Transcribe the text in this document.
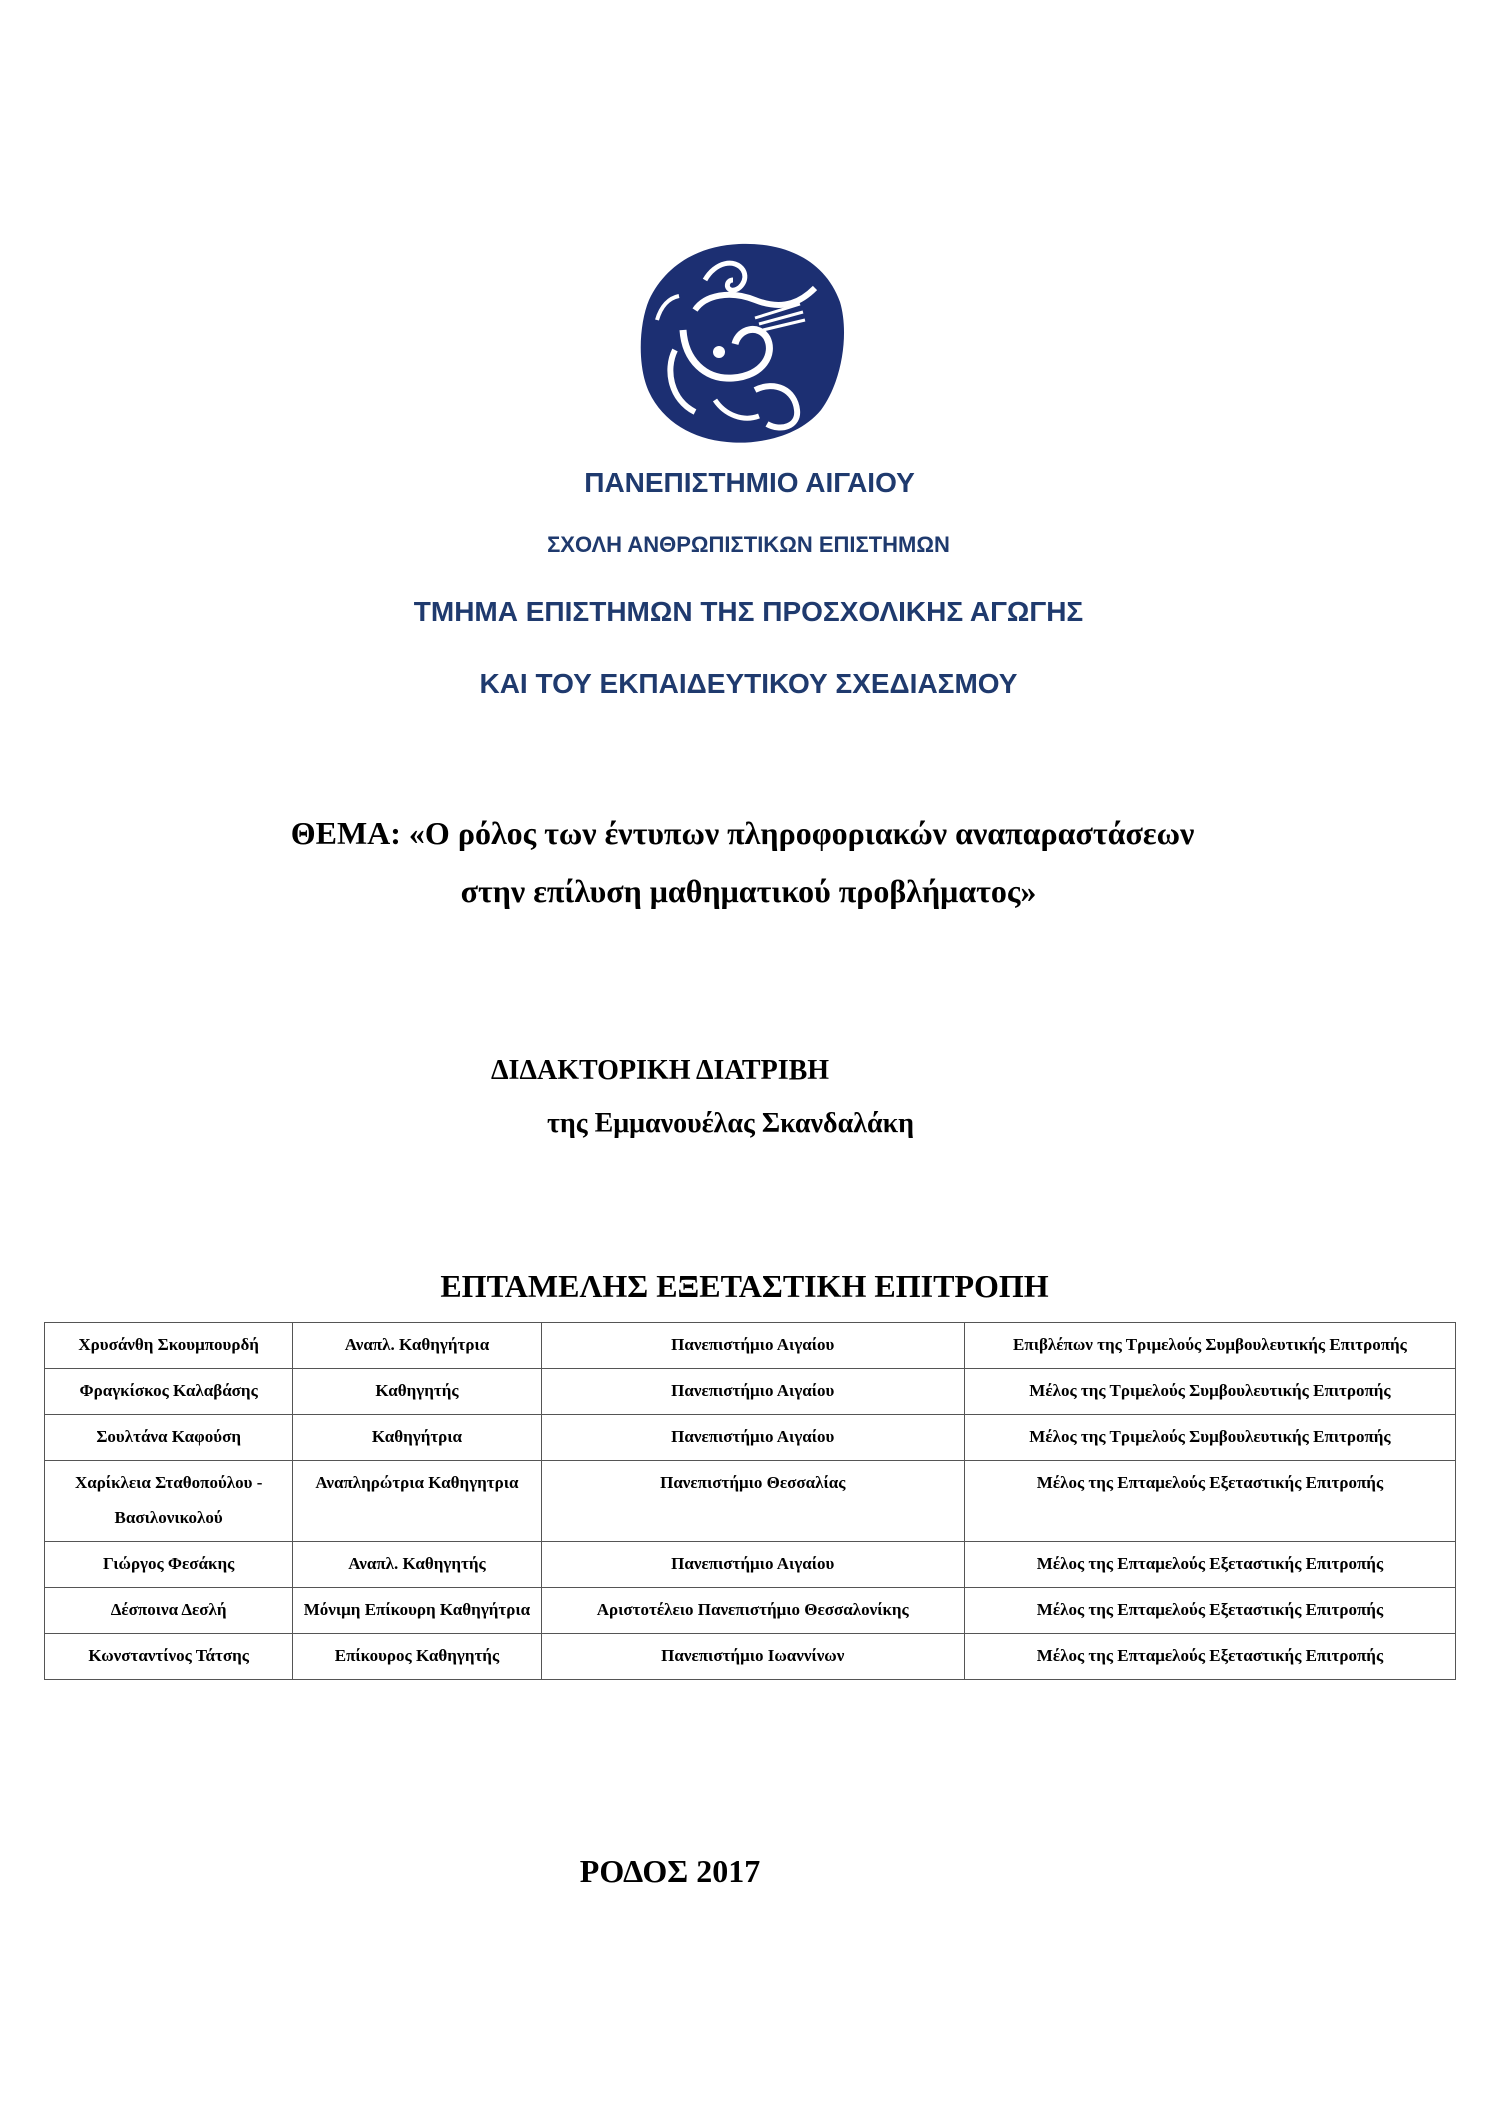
ΠΑΝΕΠΙΣΤΗΜΙΟ ΑΙΓΑΙΟΥ
ΣΧΟΛΗ ΑΝΘΡΩΠΙΣΤΙΚΩΝ ΕΠΙΣΤΗΜΩΝ
ΤΜΗΜΑ ΕΠΙΣΤΗΜΩΝ ΤΗΣ ΠΡΟΣΧΟΛΙΚΗΣ ΑΓΩΓΗΣ
ΚΑΙ ΤΟΥ ΕΚΠΑΙΔΕΥΤΙΚΟΥ ΣΧΕΔΙΑΣΜΟΥ
ΘΕΜΑ: «Ο ρόλος των έντυπων πληροφοριακών αναπαραστάσεων
στην επίλυση μαθηματικού προβλήματος»
ΔΙΔΑΚΤΟΡΙΚΗ ΔΙΑΤΡΙΒΗ
της Εμμανουέλας Σκανδαλάκη
ΕΠΤΑΜΕΛΗΣ ΕΞΕΤΑΣΤΙΚΗ ΕΠΙΤΡΟΠΗ
Χρυσάνθη Σκουμπουρδή	Αναπλ. Καθηγήτρια	Πανεπιστήμιο Αιγαίου	Επιβλέπων της Τριμελούς Συμβουλευτικής Επιτροπής
Φραγκίσκος Καλαβάσης	Καθηγητής	Πανεπιστήμιο Αιγαίου	Μέλος της Τριμελούς Συμβουλευτικής Επιτροπής
Σουλτάνα Καφούση	Καθηγήτρια	Πανεπιστήμιο Αιγαίου	Μέλος της Τριμελούς Συμβουλευτικής Επιτροπής
Χαρίκλεια Σταθοπούλου - Βασιλονικολού	Αναπληρώτρια Καθηγητρια	Πανεπιστήμιο Θεσσαλίας	Μέλος της Επταμελούς Εξεταστικής Επιτροπής
Γιώργος Φεσάκης	Αναπλ. Καθηγητής	Πανεπιστήμιο Αιγαίου	Μέλος της Επταμελούς Εξεταστικής Επιτροπής
Δέσποινα Δεσλή	Μόνιμη Επίκουρη Καθηγήτρια	Αριστοτέλειο Πανεπιστήμιο Θεσσαλονίκης	Μέλος της Επταμελούς Εξεταστικής Επιτροπής
Κωνσταντίνος Τάτσης	Επίκουρος Καθηγητής	Πανεπιστήμιο Ιωαννίνων	Μέλος της Επταμελούς Εξεταστικής Επιτροπής
ΡΟΔΟΣ 2017
